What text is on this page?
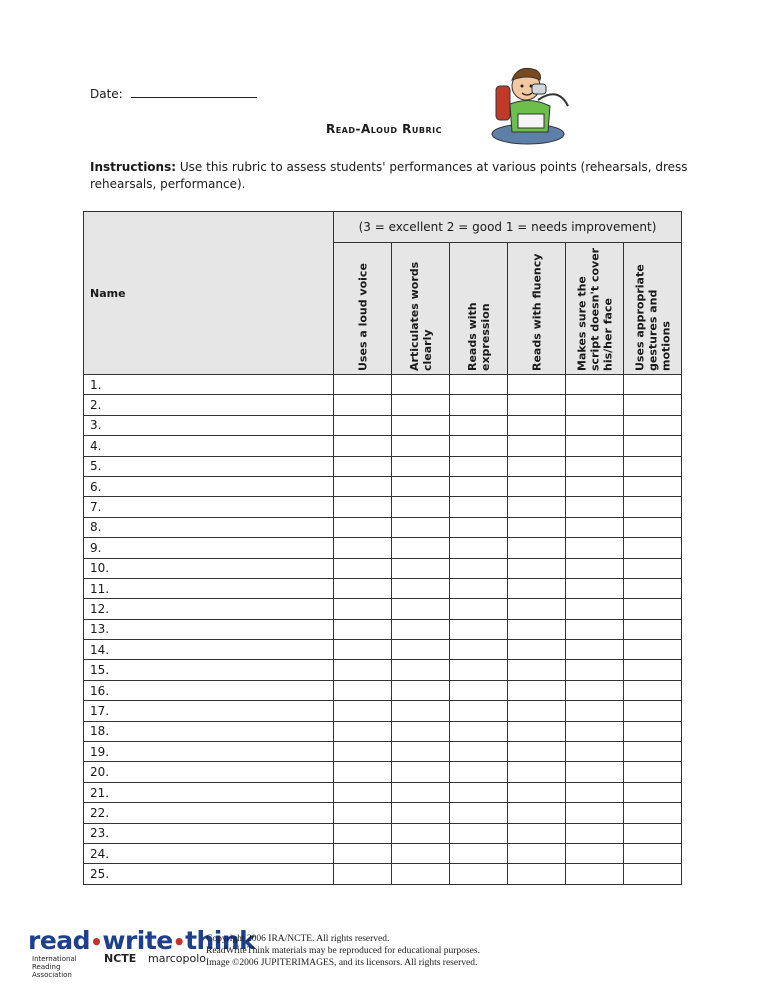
Date:
Read-Aloud Rubric
Instructions: Use this rubric to assess students' performances at various points (rehearsals, dress rehearsals, performance).
Name	(3 = excellent 2 = good 1 = needs improvement)					

	Uses a loud voice	Articulates words clearly	Reads with expression	Reads with fluency	Makes sure the script doesn't cover his/her face	Uses appropriate gestures and motions

1.						
2.						
3.						
4.						
5.						
6.						
7.						
8.						
9.						
10.						
11.						
12.						
13.						
14.						
15.						
16.						
17.						
18.						
19.						
20.						
21.						
22.						
23.						
24.						
25.						
read•write•think
International Reading Association
NCTE marcopolo
Copyright 2006 IRA/NCTE. All rights reserved.
ReadWriteThink materials may be reproduced for educational purposes.
Image ©2006 JUPITERIMAGES, and its licensors. All rights reserved.
